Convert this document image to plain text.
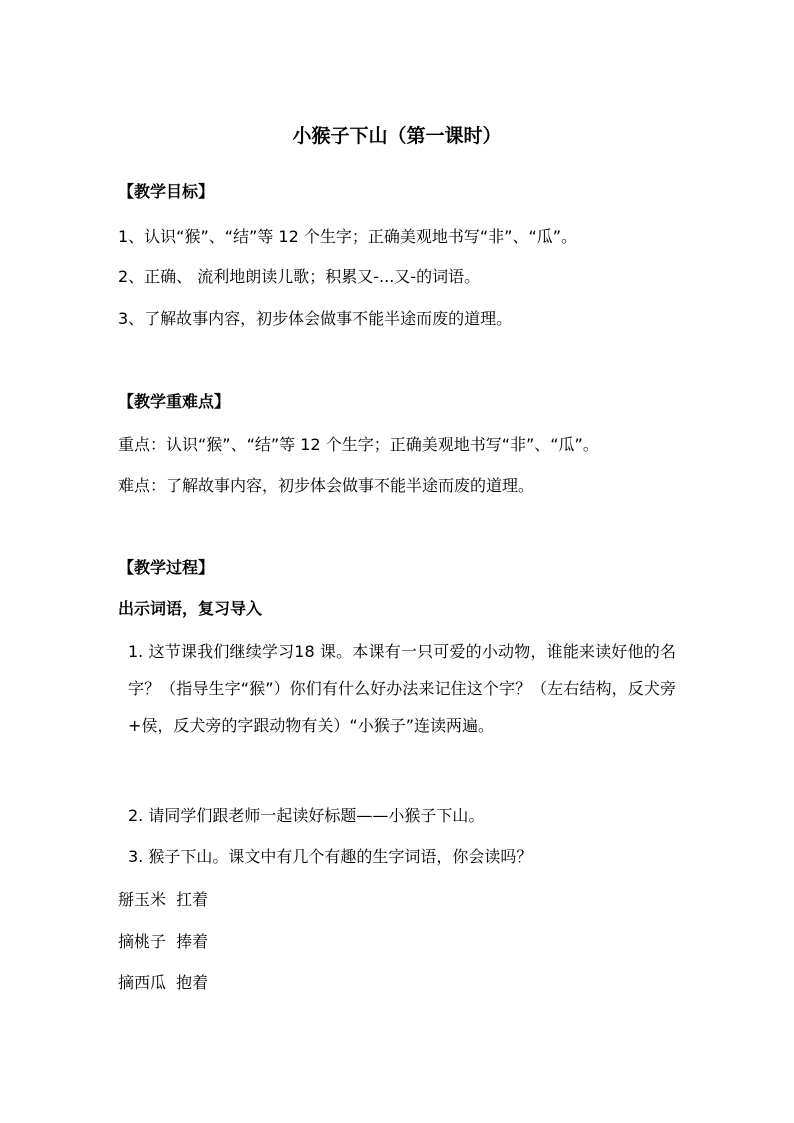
小猴子下山（第一课时）
【教学目标】
1、认识“猴”、“结”等 12 个生字；正确美观地书写“非”、“瓜”。
2、正确、 流利地朗读儿歌；积累又-...又-的词语。
3、了解故事内容，初步体会做事不能半途而废的道理。
【教学重难点】
重点：认识“猴”、“结”等 12 个生字；正确美观地书写“非”、“瓜”。
难点：了解故事内容，初步体会做事不能半途而废的道理。
【教学过程】
出示词语，复习导入
1. 这节课我们继续学习18 课。本课有一只可爱的小动物，谁能来读好他的名字？（指导生字“猴”）你们有什么好办法来记住这个字？（左右结构，反犬旁+侯，反犬旁的字跟动物有关）“小猴子”连读两遍。
2. 请同学们跟老师一起读好标题——小猴子下山。
3. 猴子下山。课文中有几个有趣的生字词语，你会读吗？
掰玉米  扛着
摘桃子  捧着
摘西瓜  抱着
